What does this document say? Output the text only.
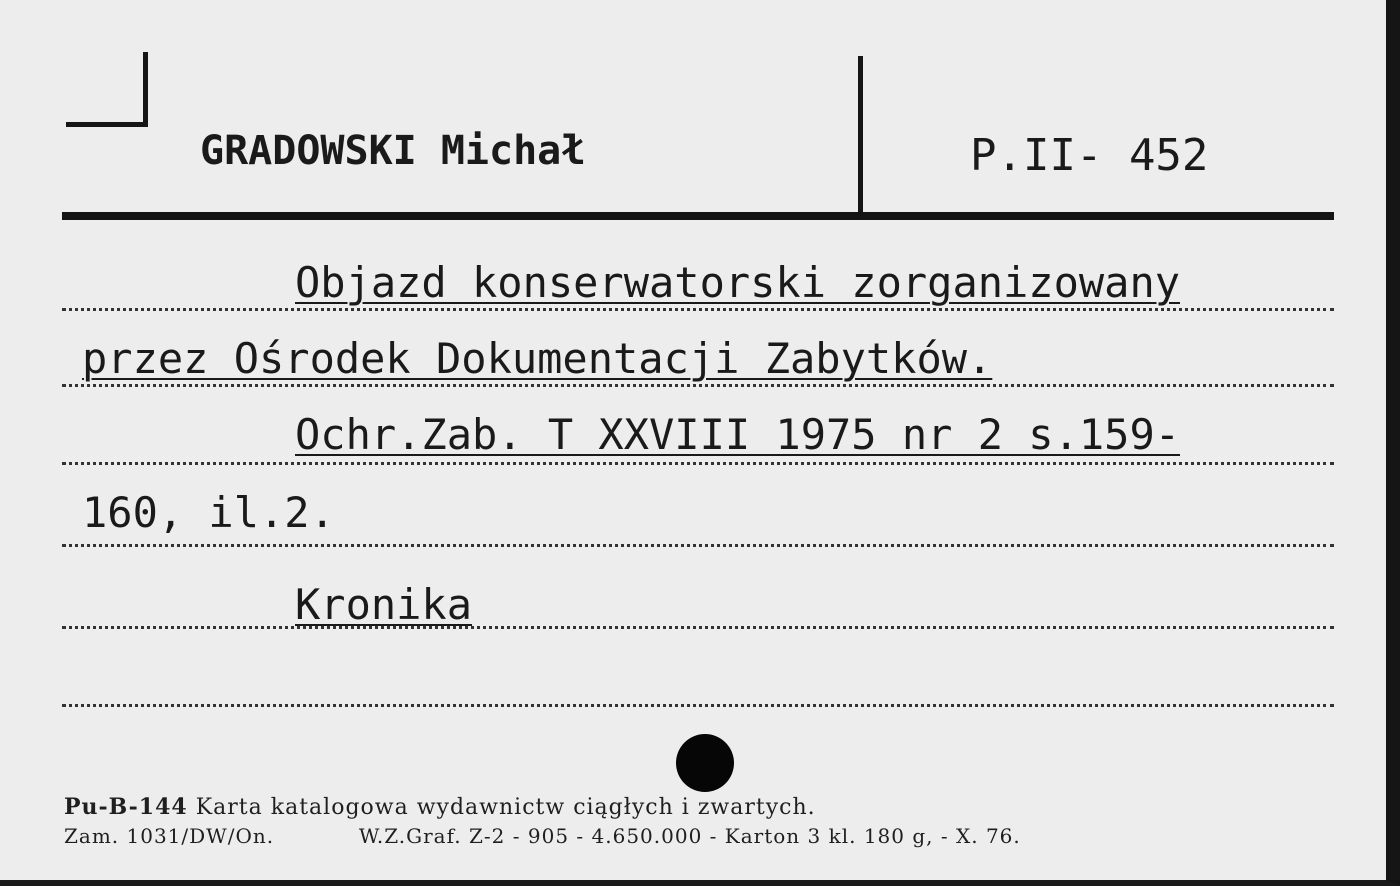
GRADOWSKI Michał	P.II- 452
Objazd konserwatorski zorganizowany
przez Ośrodek Dokumentacji Zabytków.
Ochr.Zab. T XXVIII 1975 nr 2 s.159-
160, il.2.
Kronika
Pu-B-144 Karta katalogowa wydawnictw ciągłych i zwartych.
Zam. 1031/DW/On.	W.Z.Graf. Z-2 - 905 - 4.650.000 - Karton 3 kl. 180 g, - X. 76.
